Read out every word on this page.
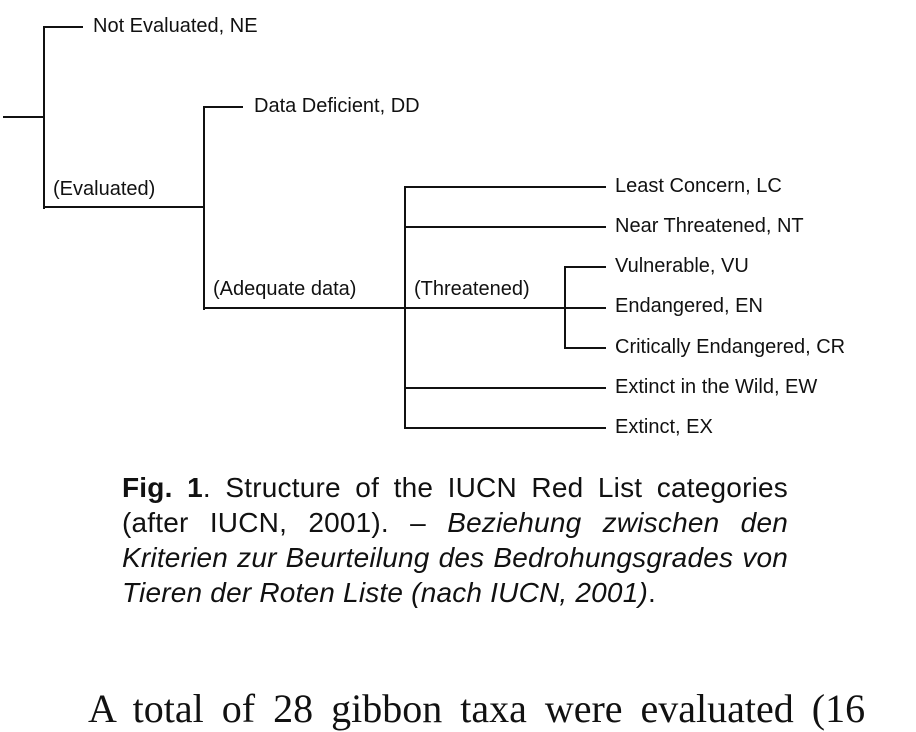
Not Evaluated, NE
(Evaluated)
Data Deficient, DD
(Adequate data)	(Threatened)
Least Concern, LC
Near Threatened, NT
Vulnerable, VU
Endangered, EN
Critically Endangered, CR
Extinct in the Wild, EW
Extinct, EX
Fig. 1. Structure of the IUCN Red List categories (after IUCN, 2001). – Beziehung zwischen den Kriterien zur Beurteilung des Bedrohungsgrades von Tieren der Roten Liste (nach IUCN, 2001).
A total of 28 gibbon taxa were evaluated (16
